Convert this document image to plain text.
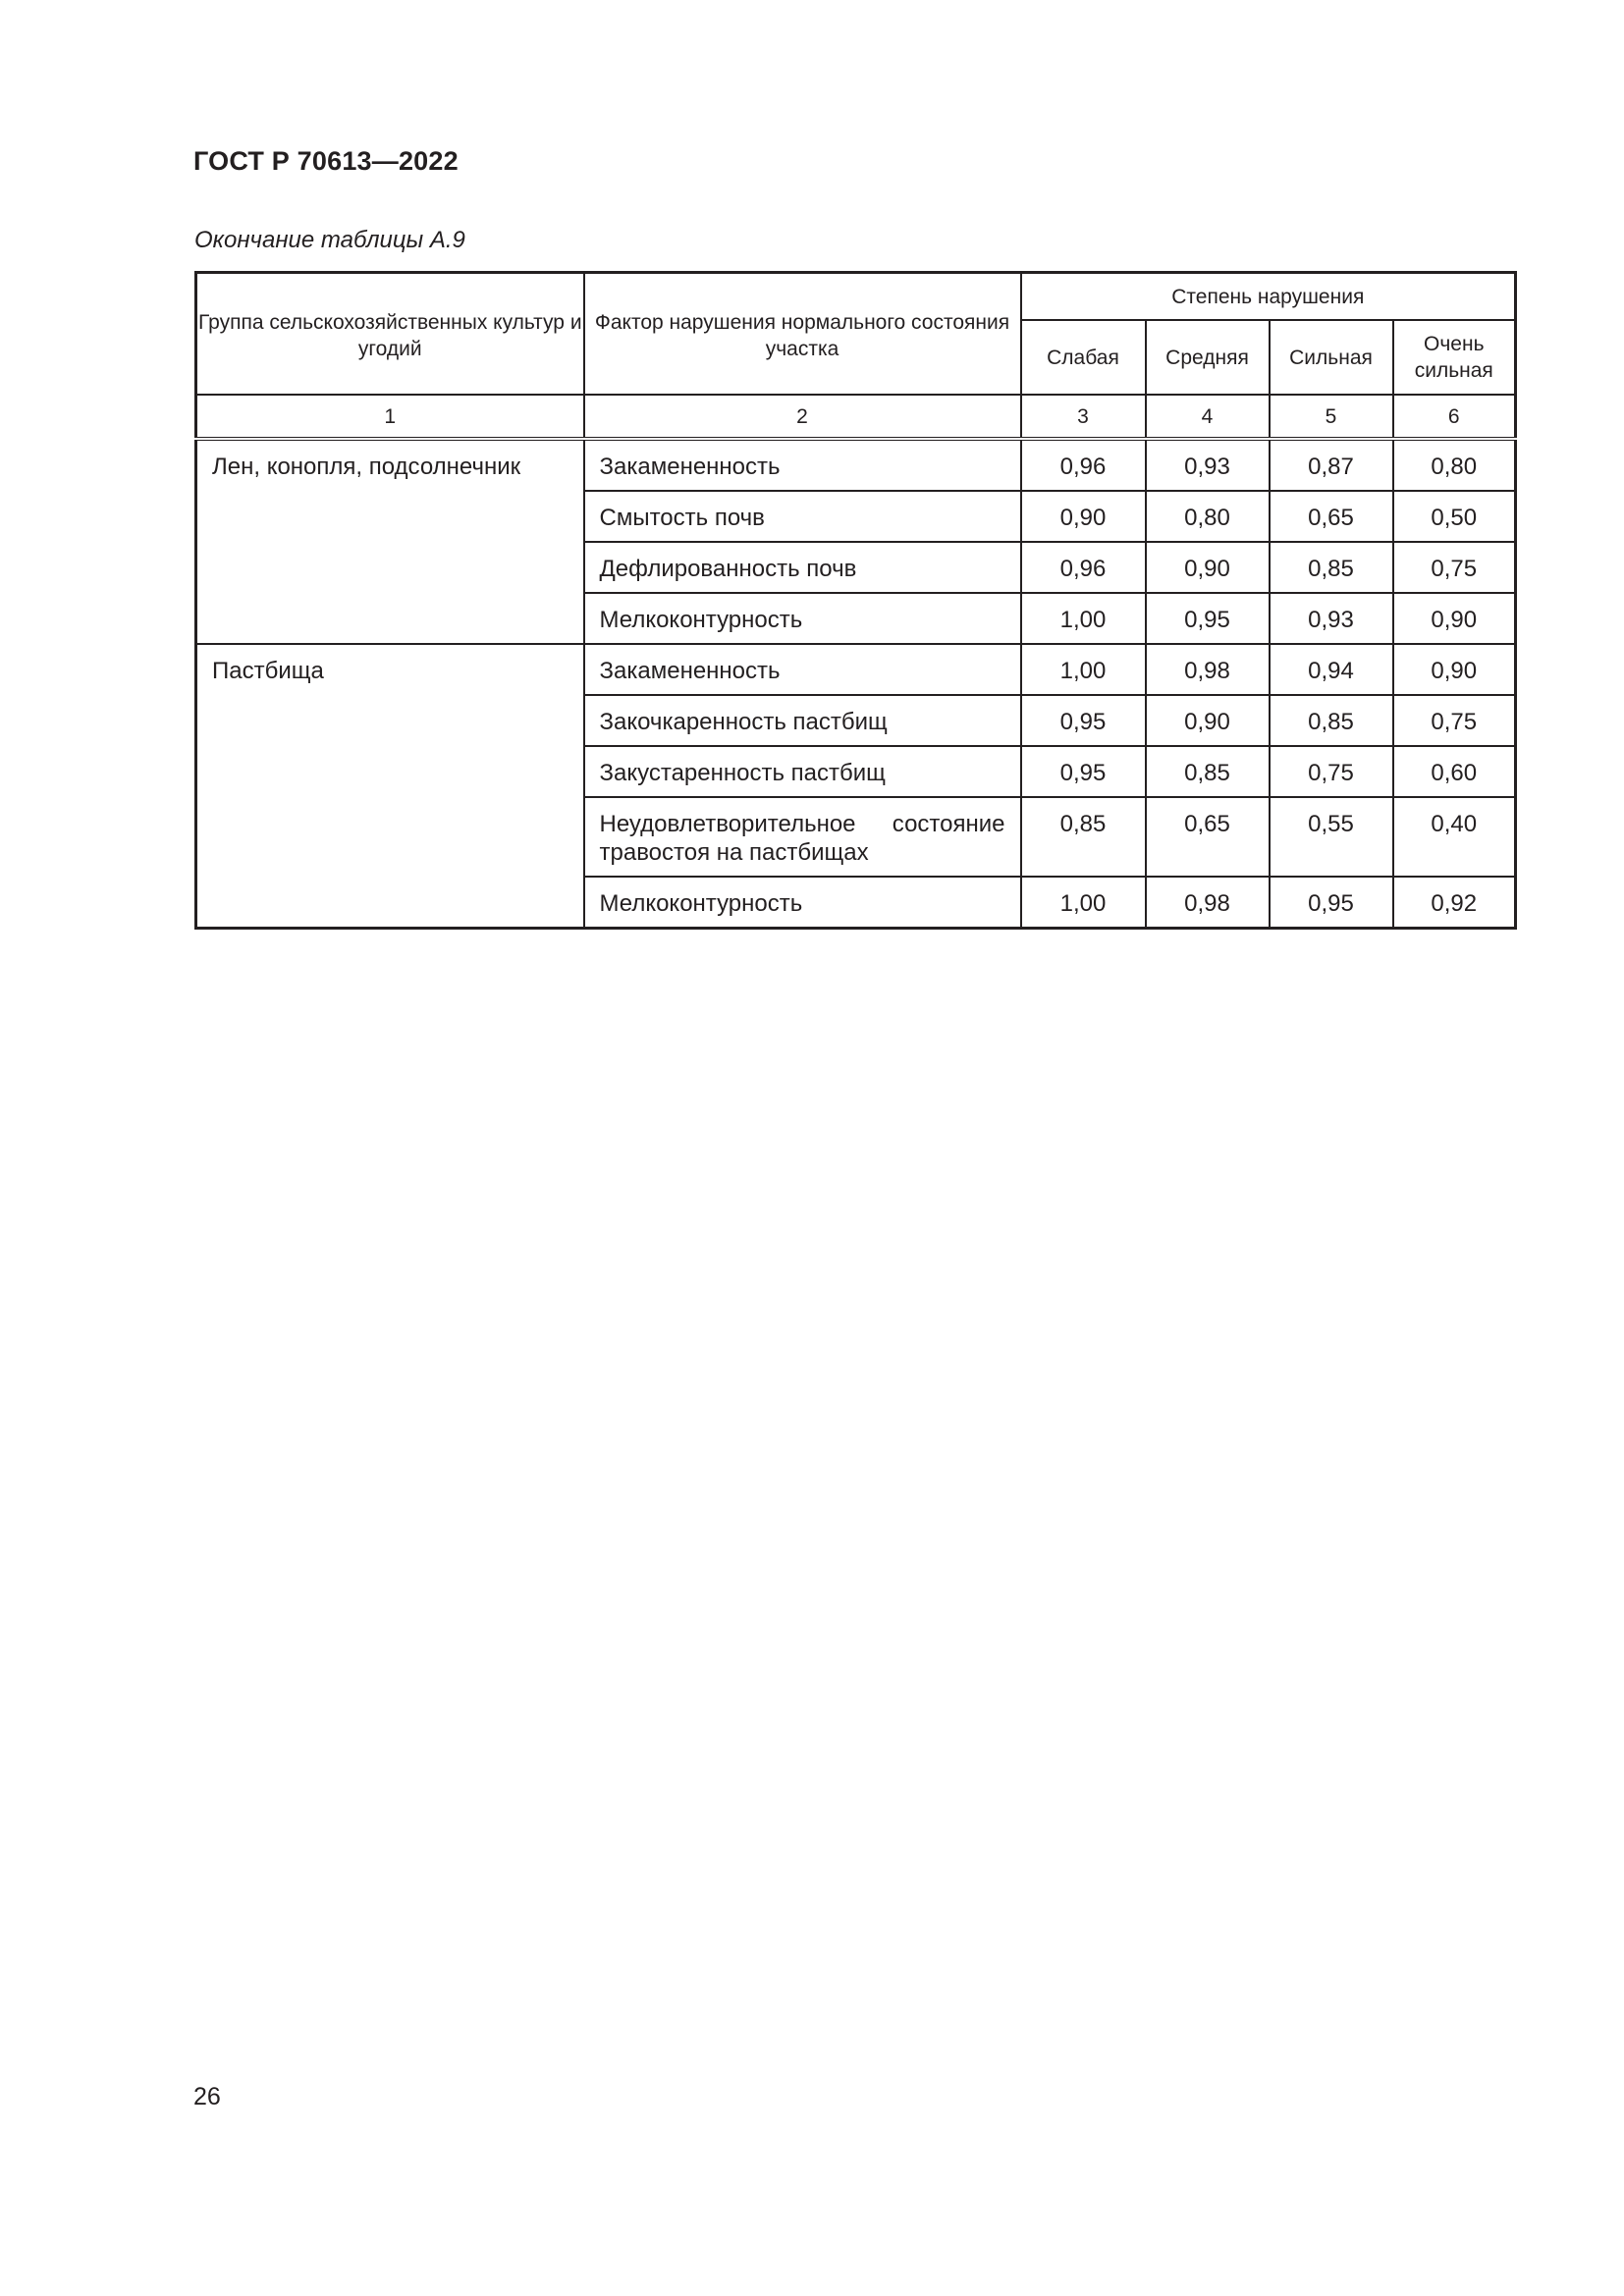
ГОСТ Р 70613—2022
Окончание таблицы А.9
Группа сельскохозяйственных культур и угодий	Фактор нарушения нормального состояния участка	Степень нарушения			
		Слабая	Средняя	Сильная	Очень сильная
1	2	3	4	5	6
Лен, конопля, подсолнечник	Закамененность	0,96	0,93	0,87	0,80
	Смытость почв	0,90	0,80	0,65	0,50
	Дефлированность почв	0,96	0,90	0,85	0,75
	Мелкоконтурность	1,00	0,95	0,93	0,90
Пастбища	Закамененность	1,00	0,98	0,94	0,90
	Закочкаренность пастбищ	0,95	0,90	0,85	0,75
	Закустаренность пастбищ	0,95	0,85	0,75	0,60
	Неудовлетворительное состояние травостоя на пастбищах	0,85	0,65	0,55	0,40
	Мелкоконтурность	1,00	0,98	0,95	0,92
26
